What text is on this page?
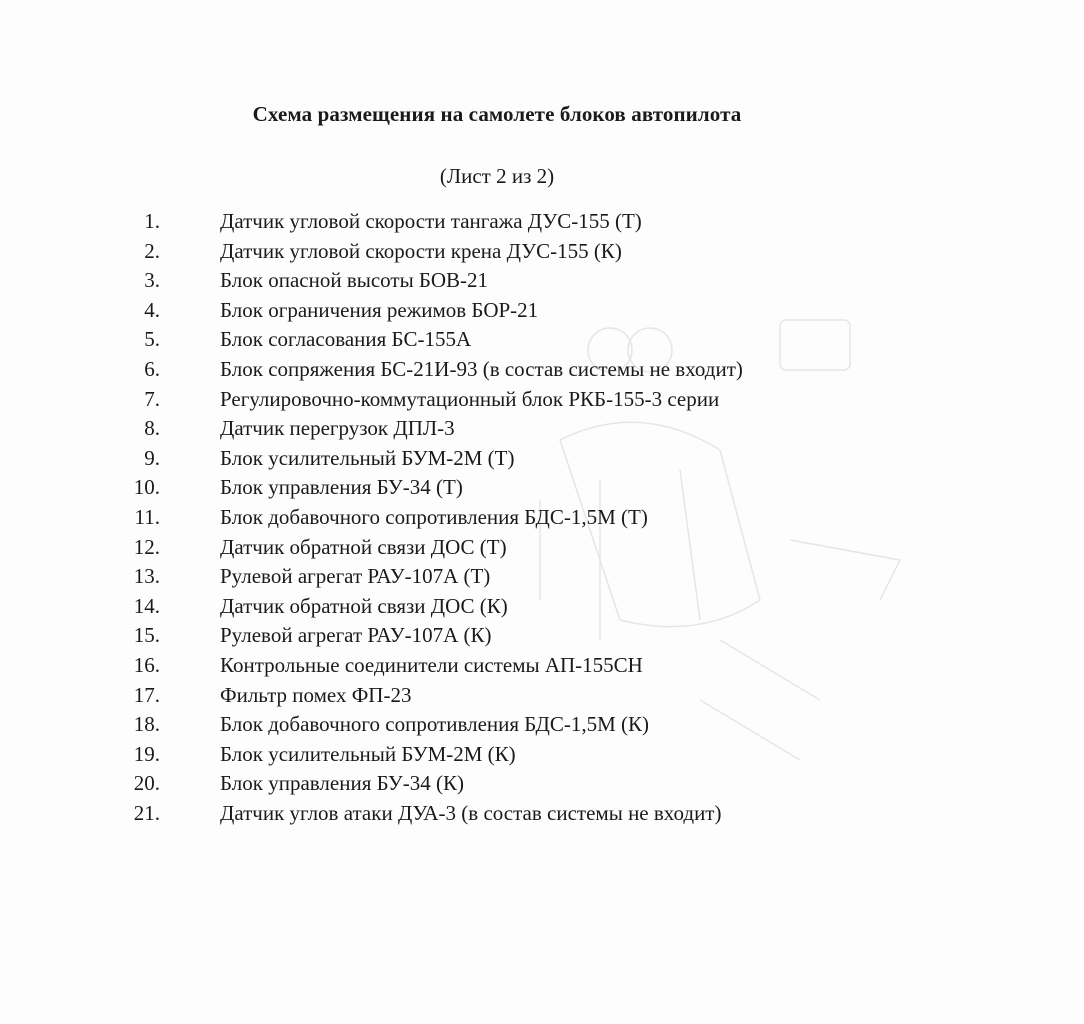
Схема размещения на самолете блоков автопилота
(Лист 2 из 2)
1.	Датчик угловой скорости тангажа ДУС-155 (Т)
2.	Датчик угловой скорости крена ДУС-155 (К)
3.	Блок опасной высоты БОВ-21
4.	Блок ограничения режимов БОР-21
5.	Блок согласования БС-155А
6.	Блок сопряжения БС-21И-93 (в состав системы не входит)
7.	Регулировочно-коммутационный блок РКБ-155-3 серии
8.	Датчик перегрузок ДПЛ-3
9.	Блок усилительный БУМ-2М (Т)
10.	Блок управления БУ-34 (Т)
11.	Блок добавочного сопротивления БДС-1,5М (Т)
12.	Датчик обратной связи ДОС (Т)
13.	Рулевой агрегат РАУ-107А (Т)
14.	Датчик обратной связи ДОС (К)
15.	Рулевой агрегат РАУ-107А (К)
16.	Контрольные соединители системы АП-155СН
17.	Фильтр помех ФП-23
18.	Блок добавочного сопротивления БДС-1,5М (К)
19.	Блок усилительный БУМ-2М (К)
20.	Блок управления БУ-34 (К)
21.	Датчик углов атаки ДУА-3 (в состав системы не входит)
